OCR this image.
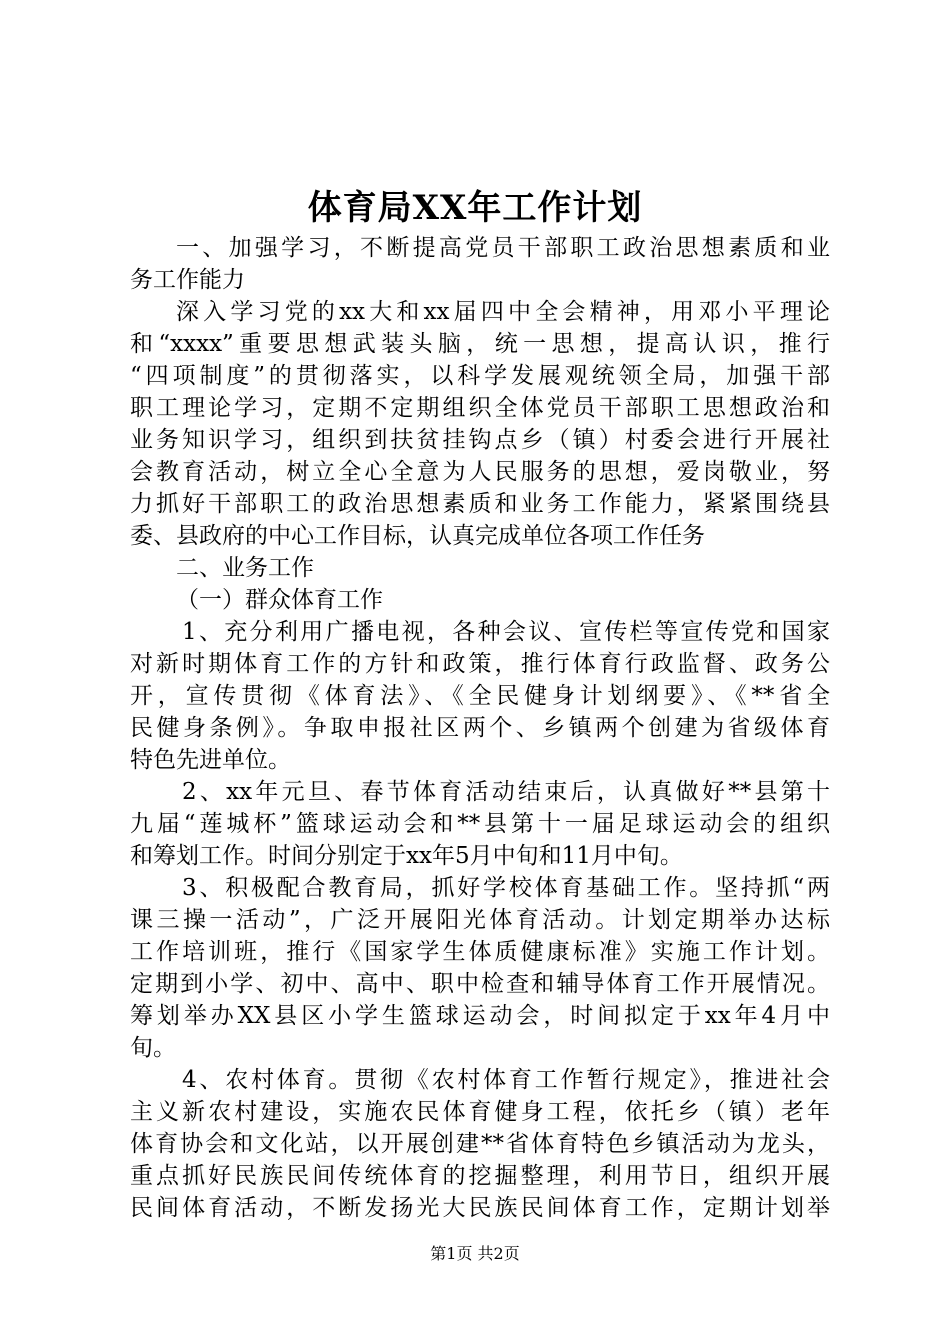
体育局XX年工作计划
一、加强学习，不断提高党员干部职工政治思想素质和业
务工作能力
深入学习党的xx大和xx届四中全会精神，用邓小平理论
和“xxxx”重要思想武装头脑，统一思想，提高认识，推行
“四项制度”的贯彻落实，以科学发展观统领全局，加强干部
职工理论学习，定期不定期组织全体党员干部职工思想政治和
业务知识学习，组织到扶贫挂钩点乡（镇）村委会进行开展社
会教育活动，树立全心全意为人民服务的思想，爱岗敬业，努
力抓好干部职工的政治思想素质和业务工作能力，紧紧围绕县
委、县政府的中心工作目标，认真完成单位各项工作任务
二、业务工作
（一）群众体育工作
1、充分利用广播电视，各种会议、宣传栏等宣传党和国家
对新时期体育工作的方针和政策，推行体育行政监督、政务公
开，宣传贯彻《体育法》、《全民健身计划纲要》、《**省全
民健身条例》。争取申报社区两个、乡镇两个创建为省级体育
特色先进单位。
2、xx年元旦、春节体育活动结束后，认真做好**县第十
九届“莲城杯”篮球运动会和**县第十一届足球运动会的组织
和筹划工作。时间分别定于xx年5月中旬和11月中旬。
3、积极配合教育局，抓好学校体育基础工作。坚持抓“两
课三操一活动”，广泛开展阳光体育活动。计划定期举办达标
工作培训班，推行《国家学生体质健康标准》实施工作计划。
定期到小学、初中、高中、职中检查和辅导体育工作开展情况。
筹划举办XX县区小学生篮球运动会，时间拟定于xx年4月中
旬。
4、农村体育。贯彻《农村体育工作暂行规定》，推进社会
主义新农村建设，实施农民体育健身工程，依托乡（镇）老年
体育协会和文化站，以开展创建**省体育特色乡镇活动为龙头，
重点抓好民族民间传统体育的挖掘整理，利用节日，组织开展
民间体育活动，不断发扬光大民族民间体育工作，定期计划举
第1页 共2页
